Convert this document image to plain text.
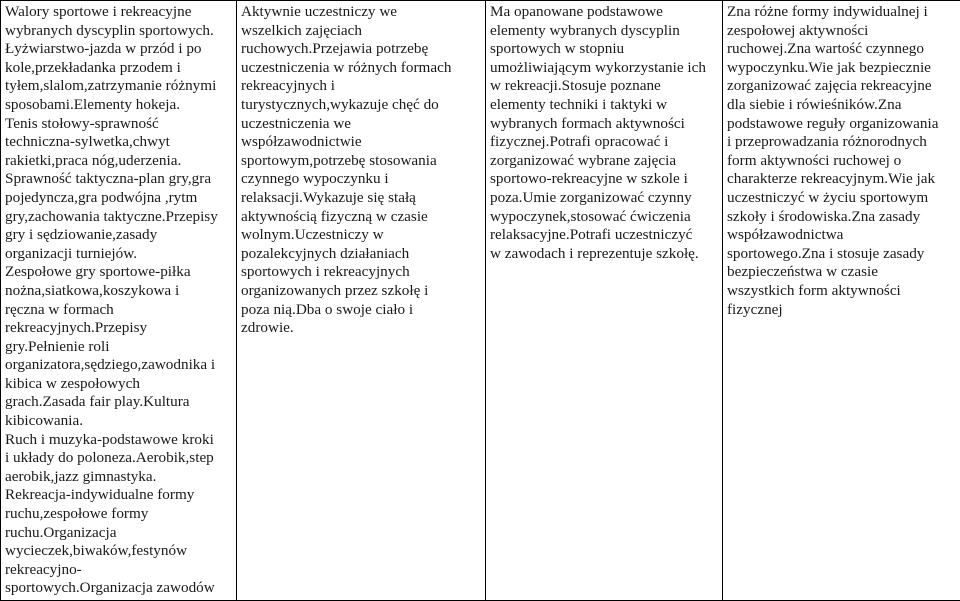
Walory sportowe i rekreacyjne
wybranych dyscyplin sportowych.
Łyżwiarstwo-jazda w przód i po
kole,przekładanka przodem i
tyłem,slalom,zatrzymanie różnymi
sposobami.Elementy hokeja.
Tenis stołowy-sprawność
techniczna-sylwetka,chwyt
rakietki,praca nóg,uderzenia.
Sprawność taktyczna-plan gry,gra
pojedyncza,gra podwójna ,rytm
gry,zachowania taktyczne.Przepisy
gry i sędziowanie,zasady
organizacji turniejów.
Zespołowe gry sportowe-piłka
nożna,siatkowa,koszykowa i
ręczna w formach
rekreacyjnych.Przepisy
gry.Pełnienie roli
organizatora,sędziego,zawodnika i
kibica w zespołowych
grach.Zasada fair play.Kultura
kibicowania.
Ruch i muzyka-podstawowe kroki
i układy do poloneza.Aerobik,step
aerobik,jazz gimnastyka.
Rekreacja-indywidualne formy
ruchu,zespołowe formy
ruchu.Organizacja
wycieczek,biwaków,festynów
rekreacyjno-
sportowych.Organizacja zawodów

Aktywnie uczestniczy we
wszelkich zajęciach
ruchowych.Przejawia potrzebę
uczestniczenia w różnych formach
rekreacyjnych i
turystycznych,wykazuje chęć do
uczestniczenia we
współzawodnictwie
sportowym,potrzebę stosowania
czynnego wypoczynku i
relaksacji.Wykazuje się stałą
aktywnością fizyczną w czasie
wolnym.Uczestniczy w
pozalekcyjnych działaniach
sportowych i rekreacyjnych
organizowanych przez szkołę i
poza nią.Dba o swoje ciało i
zdrowie.

Ma opanowane podstawowe
elementy wybranych dyscyplin
sportowych w stopniu
umożliwiającym wykorzystanie ich
w rekreacji.Stosuje poznane
elementy techniki i taktyki w
wybranych formach aktywności
fizycznej.Potrafi opracować i
zorganizować wybrane zajęcia
sportowo-rekreacyjne w szkole i
poza.Umie zorganizować czynny
wypoczynek,stosować ćwiczenia
relaksacyjne.Potrafi uczestniczyć
w zawodach i reprezentuje szkołę.

Zna różne formy indywidualnej i
zespołowej aktywności
ruchowej.Zna wartość czynnego
wypoczynku.Wie jak bezpiecznie
zorganizować zajęcia rekreacyjne
dla siebie i rówieśników.Zna
podstawowe reguły organizowania
i przeprowadzania różnorodnych
form aktywności ruchowej o
charakterze rekreacyjnym.Wie jak
uczestniczyć w życiu sportowym
szkoły i środowiska.Zna zasady
współzawodnictwa
sportowego.Zna i stosuje zasady
bezpieczeństwa w czasie
wszystkich form aktywności
fizycznej
